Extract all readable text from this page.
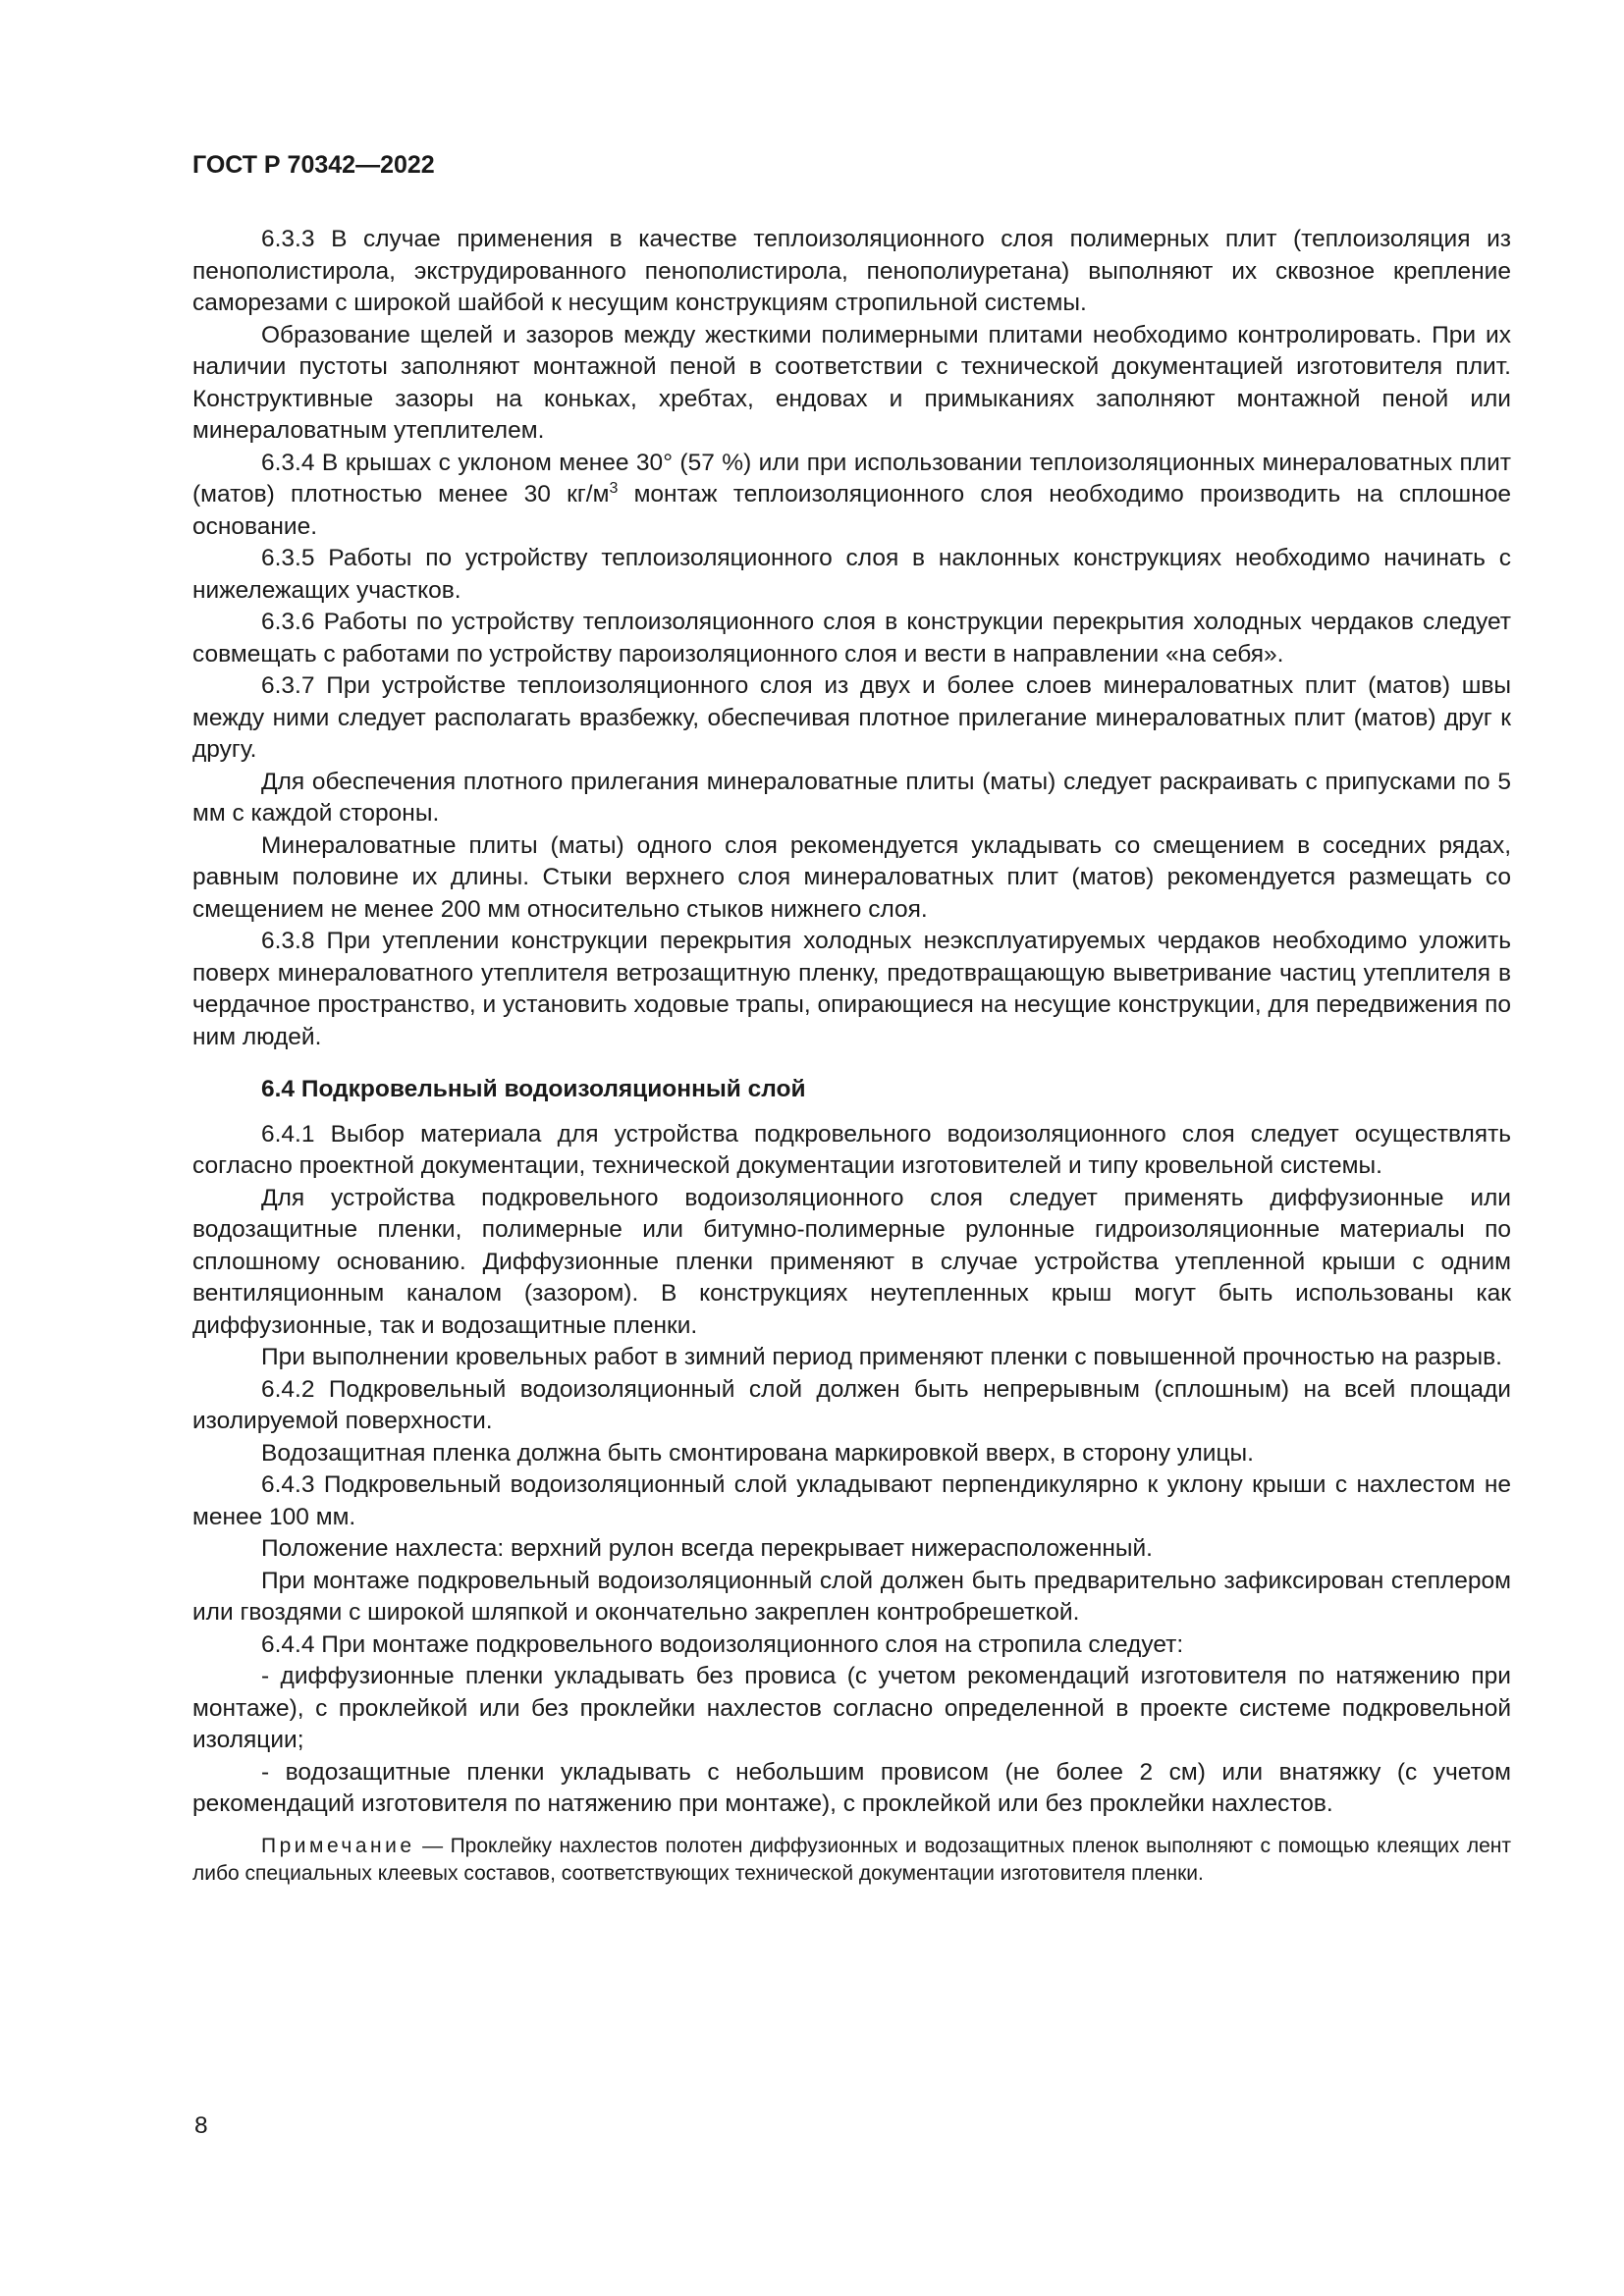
ГОСТ Р 70342—2022

6.3.3 В случае применения в качестве теплоизоляционного слоя полимерных плит (теплоизоляция из пенополистирола, экструдированного пенополистирола, пенополиуретана) выполняют их сквозное крепление саморезами с широкой шайбой к несущим конструкциям стропильной системы.

Образование щелей и зазоров между жесткими полимерными плитами необходимо контролировать. При их наличии пустоты заполняют монтажной пеной в соответствии с технической документацией изготовителя плит. Конструктивные зазоры на коньках, хребтах, ендовах и примыканиях заполняют монтажной пеной или минераловатным утеплителем.

6.3.4 В крышах с уклоном менее 30° (57 %) или при использовании теплоизоляционных минераловатных плит (матов) плотностью менее 30 $кг/м^3$ монтаж теплоизоляционного слоя необходимо производить на сплошное основание.

6.3.5 Работы по устройству теплоизоляционного слоя в наклонных конструкциях необходимо начинать с нижележащих участков.

6.3.6 Работы по устройству теплоизоляционного слоя в конструкции перекрытия холодных чердаков следует совмещать с работами по устройству пароизоляционного слоя и вести в направлении «на себя».

6.3.7 При устройстве теплоизоляционного слоя из двух и более слоев минераловатных плит (матов) швы между ними следует располагать вразбежку, обеспечивая плотное прилегание минераловатных плит (матов) друг к другу.

Для обеспечения плотного прилегания минераловатные плиты (маты) следует раскраивать с припусками по 5 мм с каждой стороны.

Минераловатные плиты (маты) одного слоя рекомендуется укладывать со смещением в соседних рядах, равным половине их длины. Стыки верхнего слоя минераловатных плит (матов) рекомендуется размещать со смещением не менее 200 мм относительно стыков нижнего слоя.

6.3.8 При утеплении конструкции перекрытия холодных неэксплуатируемых чердаков необходимо уложить поверх минераловатного утеплителя ветрозащитную пленку, предотвращающую выветривание частиц утеплителя в чердачное пространство, и установить ходовые трапы, опирающиеся на несущие конструкции, для передвижения по ним людей.

6.4 Подкровельный водоизоляционный слой

6.4.1 Выбор материала для устройства подкровельного водоизоляционного слоя следует осуществлять согласно проектной документации, технической документации изготовителей и типу кровельной системы.

Для устройства подкровельного водоизоляционного слоя следует применять диффузионные или водозащитные пленки, полимерные или битумно-полимерные рулонные гидроизоляционные материалы по сплошному основанию. Диффузионные пленки применяют в случае устройства утепленной крыши с одним вентиляционным каналом (зазором). В конструкциях неутепленных крыш могут быть использованы как диффузионные, так и водозащитные пленки.

При выполнении кровельных работ в зимний период применяют пленки с повышенной прочностью на разрыв.

6.4.2 Подкровельный водоизоляционный слой должен быть непрерывным (сплошным) на всей площади изолируемой поверхности.

Водозащитная пленка должна быть смонтирована маркировкой вверх, в сторону улицы.

6.4.3 Подкровельный водоизоляционный слой укладывают перпендикулярно к уклону крыши с нахлестом не менее 100 мм.

Положение нахлеста: верхний рулон всегда перекрывает нижерасположенный.

При монтаже подкровельный водоизоляционный слой должен быть предварительно зафиксирован степлером или гвоздями с широкой шляпкой и окончательно закреплен контробрешеткой.

6.4.4 При монтаже подкровельного водоизоляционного слоя на стропила следует:

- диффузионные пленки укладывать без провиса (с учетом рекомендаций изготовителя по натяжению при монтаже), с проклейкой или без проклейки нахлестов согласно определенной в проекте системе подкровельной изоляции;

- водозащитные пленки укладывать с небольшим провисом (не более 2 см) или внатяжку (с учетом рекомендаций изготовителя по натяжению при монтаже), с проклейкой или без проклейки нахлестов.

Примечание — Проклейку нахлестов полотен диффузионных и водозащитных пленок выполняют с помощью клеящих лент либо специальных клеевых составов, соответствующих технической документации изготовителя пленки.
8
